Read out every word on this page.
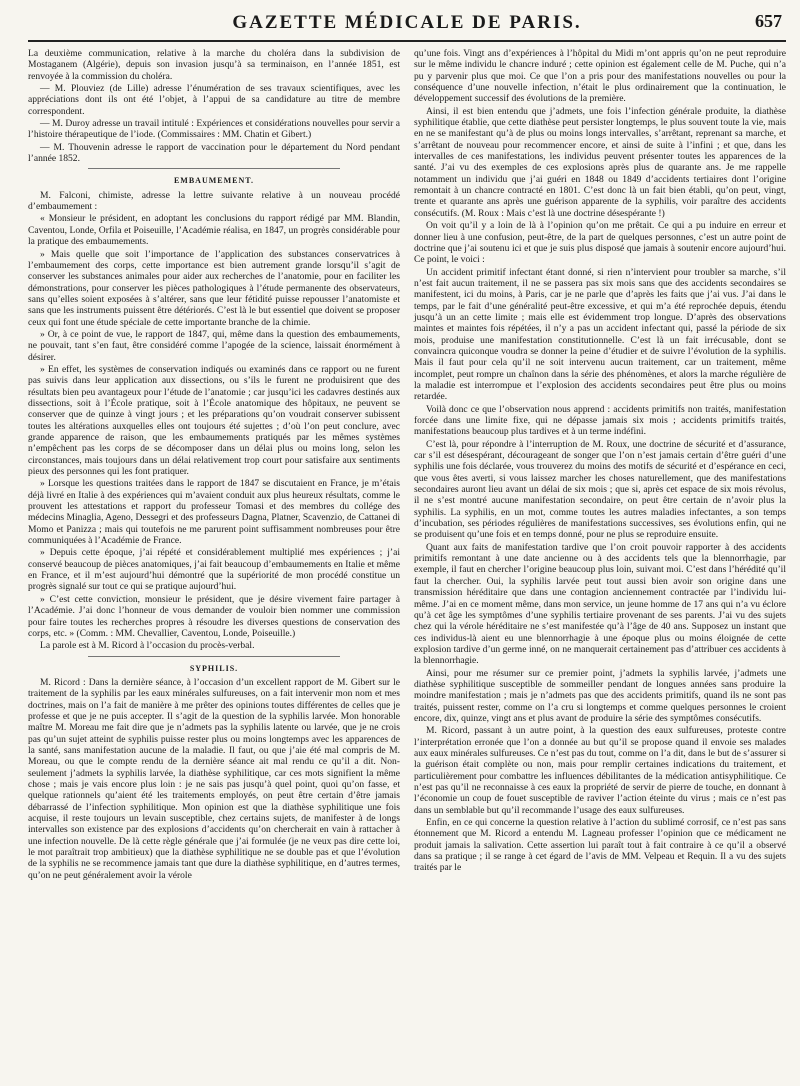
GAZETTE MÉDICALE DE PARIS.	657

La deuxième communication, relative à la marche du choléra dans la subdivision de Mostaganem (Algérie), depuis son invasion jusqu’à sa terminaison, en l’année 1851, est renvoyée à la commission du choléra.

— M. Plouviez (de Lille) adresse l’énumération de ses travaux scientifiques, avec les appréciations dont ils ont été l’objet, à l’appui de sa candidature au titre de membre correspondent.

— M. Duroy adresse un travail intitulé : Expériences et considérations nouvelles pour servir a l’histoire thérapeutique de l’iode. (Commissaires : MM. Chatin et Gibert.)

— M. Thouvenin adresse le rapport de vaccination pour le département du Nord pendant l’année 1852.

EMBAUMEMENT.

M. Falconi, chimiste, adresse la lettre suivante relative à un nouveau procédé d’embaumement :

« Monsieur le président, en adoptant les conclusions du rapport rédigé par MM. Blandin, Caventou, Londe, Orfila et Poiseuille, l’Académie réalisa, en 1847, un progrès considérable pour la pratique des embaumements.

» Mais quelle que soit l’importance de l’application des substances conservatrices à l’embaumement des corps, cette importance est bien autrement grande lorsqu’il s’agit de conserver les substances animales pour aider aux recherches de l’anatomie, pour en faciliter les démonstrations, pour conserver les pièces pathologiques à l’étude permanente des observateurs, sans qu’elles soient exposées à s’altérer, sans que leur fétidité puisse repousser l’anatomiste et sans que les instruments puissent être détériorés. C’est là le but essentiel que doivent se proposer ceux qui font une étude spéciale de cette importante branche de la chimie.

» Or, à ce point de vue, le rapport de 1847, qui, même dans la question des embaumements, ne pouvait, tant s’en faut, être considéré comme l’apogée de la science, laissait énormément à désirer.

» En effet, les systèmes de conservation indiqués ou examinés dans ce rapport ou ne furent pas suivis dans leur application aux dissections, ou s’ils le furent ne produisirent que des résultats bien peu avantageux pour l’étude de l’anatomie ; car jusqu’ici les cadavres destinés aux dissections, soit à l’École pratique, soit à l’École anatomique des hôpitaux, ne peuvent se conserver que de quinze à vingt jours ; et les préparations qu’on voudrait conserver subissent toutes les altérations auxquelles elles ont toujours été sujettes ; d’où l’on peut conclure, avec grande apparence de raison, que les embaumements pratiqués par les mêmes systèmes n’empêchent pas les corps de se décomposer dans un délai plus ou moins long, selon les circonstances, mais toujours dans un délai relativement trop court pour satisfaire aux sentiments pieux des personnes qui les font pratiquer.

» Lorsque les questions traitées dans le rapport de 1847 se discutaient en France, je m’étais déjà livré en Italie à des expériences qui m’avaient conduit aux plus heureux résultats, comme le prouvent les attestations et rapport du professeur Tomasi et des membres du collége des médecins Minaglia, Ageno, Dessegri et des professeurs Dagna, Platner, Scavenzio, de Cattanei di Momo et Panizza ; mais qui toutefois ne me parurent point suffisamment nombreuses pour être communiquées à l’Académie de France.

» Depuis cette époque, j’ai répété et considérablement multiplié mes expériences ; j’ai conservé beaucoup de pièces anatomiques, j’ai fait beaucoup d’embaumements en Italie et même en France, et il m’est aujourd’hui démontré que la supériorité de mon procédé constitue un progrès signalé sur tout ce qui se pratique aujourd’hui.

» C’est cette conviction, monsieur le président, que je désire vivement faire partager à l’Académie. J’ai donc l’honneur de vous demander de vouloir bien nommer une commission pour faire toutes les recherches propres à résoudre les diverses questions de conservation des corps, etc. » (Comm. : MM. Chevallier, Caventou, Londe, Poiseuille.)

La parole est à M. Ricord à l’occasion du procès-verbal.

SYPHILIS.

M. Ricord : Dans la dernière séance, à l’occasion d’un excellent rapport de M. Gibert sur le traitement de la syphilis par les eaux minérales sulfureuses, on a fait intervenir mon nom et mes doctrines, mais on l’a fait de manière à me prêter des opinions toutes différentes de celles que je professe et que je ne puis accepter. Il s’agit de la question de la syphilis larvée. Mon honorable maître M. Moreau me fait dire que je n’admets pas la syphilis latente ou larvée, que je ne crois pas qu’un sujet atteint de syphilis puisse rester plus ou moins longtemps avec les apparences de la santé, sans manifestation aucune de la maladie. Il faut, ou que j’aie été mal compris de M. Moreau, ou que le compte rendu de la dernière séance ait mal rendu ce qu’il a dit. Non-seulement j’admets la syphilis larvée, la diathèse syphilitique, car ces mots signifient la même chose ; mais je vais encore plus loin : je ne sais pas jusqu’à quel point, quoi qu’on fasse, et quelque rationnels qu’aient été les traitements employés, on peut être certain d’être jamais débarrassé de l’infection syphilitique. Mon opinion est que la diathèse syphilitique une fois acquise, il reste toujours un levain susceptible, chez certains sujets, de manifester à de longs intervalles son existence par des explosions d’accidents qu’on chercherait en vain à rattacher à une infection nouvelle. De là cette règle générale que j’ai formulée (je ne veux pas dire cette loi, le mot paraîtrait trop ambitieux) que la diathèse syphilitique ne se double pas et que l’évolution de la syphilis ne se recommence jamais tant que dure la diathèse syphilitique, en d’autres termes, qu’on ne peut généralement avoir la vérole

qu’une fois. Vingt ans d’expériences à l’hôpital du Midi m’ont appris qu’on ne peut reproduire sur le même individu le chancre induré ; cette opinion est également celle de M. Puche, qui n’a pu y parvenir plus que moi. Ce que l’on a pris pour des manifestations nouvelles ou pour la conséquence d’une nouvelle infection, n’était le plus ordinairement que la continuation, le développement successif des évolutions de la première.

Ainsi, il est bien entendu que j’admets, une fois l’infection générale produite, la diathèse syphilitique établie, que cette diathèse peut persister longtemps, le plus souvent toute la vie, mais en ne se manifestant qu’à de plus ou moins longs intervalles, s’arrêtant, reprenant sa marche, et s’arrêtant de nouveau pour recommencer encore, et ainsi de suite à l’infini ; et que, dans les intervalles de ces manifestations, les individus peuvent présenter toutes les apparences de la santé. J’ai vu des exemples de ces explosions après plus de quarante ans. Je me rappelle notamment un individu que j’ai guéri en 1848 ou 1849 d’accidents tertiaires dont l’origine remontait à un chancre contracté en 1801. C’est donc là un fait bien établi, qu’on peut, vingt, trente et quarante ans après une guérison apparente de la syphilis, voir paraître des accidents consécutifs. (M. Roux : Mais c’est là une doctrine désespérante !)

On voit qu’il y a loin de là à l’opinion qu’on me prêtait. Ce qui a pu induire en erreur et donner lieu à une confusion, peut-être, de la part de quelques personnes, c’est un autre point de doctrine que j’ai soutenu ici et que je suis plus disposé que jamais à soutenir encore aujourd’hui. Ce point, le voici :

Un accident primitif infectant étant donné, si rien n’intervient pour troubler sa marche, s’il n’est fait aucun traitement, il ne se passera pas six mois sans que des accidents secondaires se manifestent, ici du moins, à Paris, car je ne parle que d’après les faits que j’ai vus. J’ai dans le temps, par le fait d’une généralité peut-être excessive, et qui m’a été reprochée depuis, étendu jusqu’à un an cette limite ; mais elle est évidemment trop longue. D’après des observations maintes et maintes fois répétées, il n’y a pas un accident infectant qui, passé la période de six mois, produise une manifestation constitutionnelle. C’est là un fait irrécusable, dont se convaincra quiconque voudra se donner la peine d’étudier et de suivre l’évolution de la syphilis. Mais il faut pour cela qu’il ne soit intervenu aucun traitement, car un traitement, même incomplet, peut rompre un chaînon dans la série des phénomènes, et alors la marche régulière de la maladie est interrompue et l’explosion des accidents secondaires peut être plus ou moins retardée.

Voilà donc ce que l’observation nous apprend : accidents primitifs non traités, manifestation forcée dans une limite fixe, qui ne dépasse jamais six mois ; accidents primitifs traités, manifestations beaucoup plus tardives et à un terme indéfini.

C’est là, pour répondre à l’interruption de M. Roux, une doctrine de sécurité et d’assurance, car s’il est désespérant, décourageant de songer que l’on n’est jamais certain d’être guéri d’une syphilis une fois déclarée, vous trouverez du moins des motifs de sécurité et d’espérance en ceci, que vous êtes averti, si vous laissez marcher les choses naturellement, que des manifestations secondaires auront lieu avant un délai de six mois ; que si, après cet espace de six mois révolus, il ne s’est montré aucune manifestation secondaire, on peut être certain de n’avoir plus la syphilis. La syphilis, en un mot, comme toutes les autres maladies infectantes, a son temps d’incubation, ses périodes régulières de manifestations successives, ses évolutions enfin, qui ne se produisent qu’une fois et en temps donné, pour ne plus se reproduire ensuite.

Quant aux faits de manifestation tardive que l’on croit pouvoir rapporter à des accidents primitifs remontant à une date ancienne ou à des accidents tels que la blennorrhagie, par exemple, il faut en chercher l’origine beaucoup plus loin, suivant moi. C’est dans l’hérédité qu’il faut la chercher. Oui, la syphilis larvée peut tout aussi bien avoir son origine dans une transmission héréditaire que dans une contagion anciennement contractée par l’individu lui-même. J’ai en ce moment même, dans mon service, un jeune homme de 17 ans qui n’a vu éclore qu’à cet âge les symptômes d’une syphilis tertiaire provenant de ses parents. J’ai vu des sujets chez qui la vérole héréditaire ne s’est manifestée qu’à l’âge de 40 ans. Supposez un instant que ces individus-là aient eu une blennorrhagie à une époque plus ou moins éloignée de cette explosion tardive d’un germe inné, on ne manquerait certainement pas d’attribuer ces accidents à la blennorrhagie.

Ainsi, pour me résumer sur ce premier point, j’admets la syphilis larvée, j’admets une diathèse syphilitique susceptible de sommeiller pendant de longues années sans produire la moindre manifestation ; mais je n’admets pas que des accidents primitifs, quand ils ne sont pas traités, puissent rester, comme on l’a cru si longtemps et comme quelques personnes le croient encore, dix, quinze, vingt ans et plus avant de produire la série des symptômes consécutifs.

M. Ricord, passant à un autre point, à la question des eaux sulfureuses, proteste contre l’interprétation erronée que l’on a donnée au but qu’il se propose quand il envoie ses malades aux eaux minérales sulfureuses. Ce n’est pas du tout, comme on l’a dit, dans le but de s’assurer si la guérison était complète ou non, mais pour remplir certaines indications du traitement, et particulièrement pour combattre les influences débilitantes de la médication antisyphilitique. Ce n’est pas qu’il ne reconnaisse à ces eaux la propriété de servir de pierre de touche, en donnant à l’économie un coup de fouet susceptible de raviver l’action éteinte du virus ; mais ce n’est pas dans un semblable but qu’il recommande l’usage des eaux sulfureuses.

Enfin, en ce qui concerne la question relative à l’action du sublimé corrosif, ce n’est pas sans étonnement que M. Ricord a entendu M. Lagneau professer l’opinion que ce médicament ne produit jamais la salivation. Cette assertion lui paraît tout à fait contraire à ce qu’il a observé dans sa pratique ; il se range à cet égard de l’avis de MM. Velpeau et Requin. Il a vu des sujets traités par le
